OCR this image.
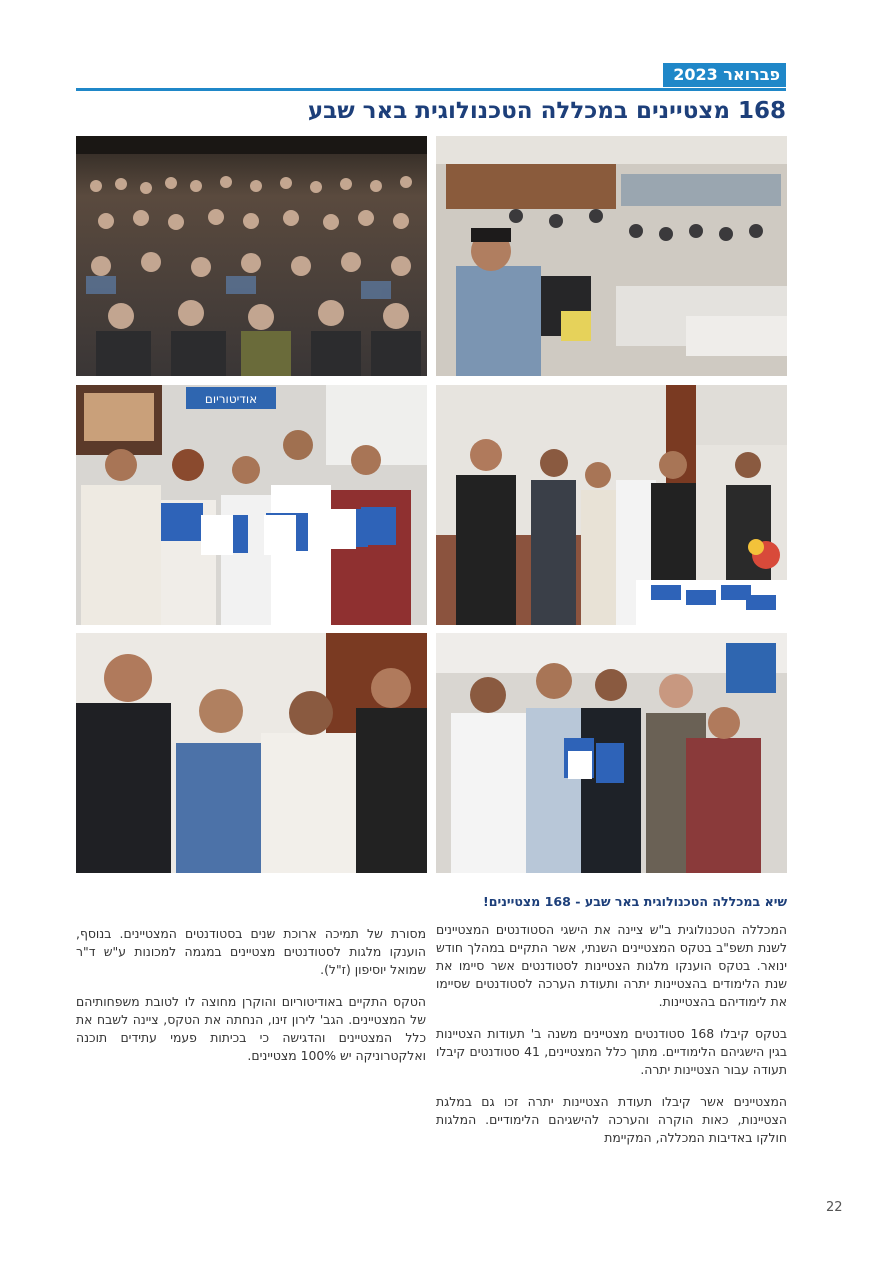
פברואר 2023
168 מצטיינים במכללה הטכנולוגית באר שבע
אודיטוריום

שיא במכללה הטכנולוגית באר שבע - 168 מצטיינים!

המכללה הטכנולוגית ב"ש ציינה את הישגי הסטודנטים המצטיינים לשנת תשפ"ב בטקס המצטיינים השנתי, אשר התקיים במהלך חודש ינואר. בטקס הוענקו מלגות הצטיינות לסטודנטים אשר סיימו את שנת הלימודים בהצטיינות יתרה ותעודת הערכה לסטודנטים שסיימו את לימודיהם בהצטיינות.

בטקס קיבלו 168 סטודנטים מצטיינים משנה ב' תעודות הצטיינות בגין הישגיהם הלימודיים. מתוך כלל המצטיינים, 41 סטודנטים קיבלו תעודה עבור הצטיינות יתרה.

המצטיינים אשר קיבלו תעודת הצטיינות יתרה זכו גם במלגת הצטיינות, כאות הוקרה והערכה להישגיהם הלימודיים. המלגות חולקו באדיבות המכללה, המקיימת

מסורת של תמיכה ארוכת שנים בסטודנטים המצטיינים. בנוסף, הוענקו מלגות לסטודנטים מצטיינים במגמה למכונות ע"ש ד"ר שמואל יוסיפון (ז"ל).

הטקס התקיים באודיטוריום והוקרן מחוצה לו לטובת משפחותיהם של המצטיינים. הגב' לירון זינו, הנחתה את הטקס, ציינה לשבח את כלל המצטיינים והדגישה כי בכיתות פעמי עתידים תוכנה ואלקטרוניקה יש 100% מצטיינים.

22
